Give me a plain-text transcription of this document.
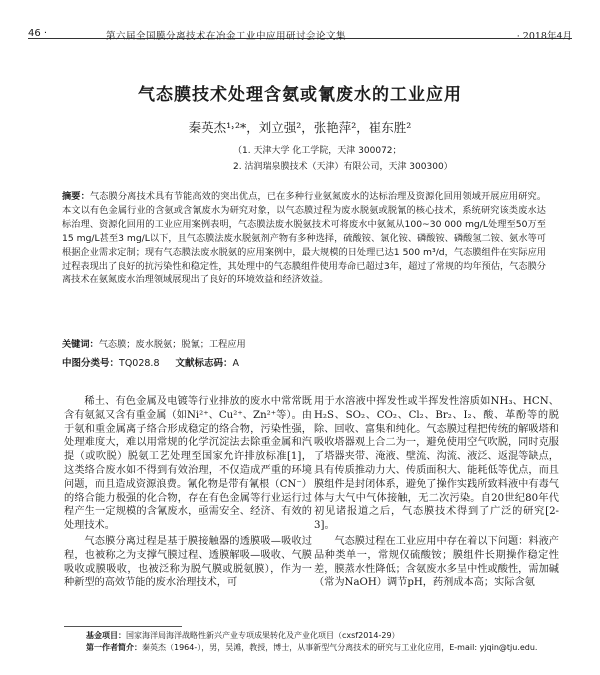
46 ·	第六届全国膜分离技术在冶金工业中应用研讨会论文集	· 2018年4月
气态膜技术处理含氨或氰废水的工业应用
秦英杰¹˒²*，刘立强²，张艳萍²，崔东胜²
（1. 天津大学 化工学院，天津 300072；
2. 沽润瑞泉膜技术（天津）有限公司，天津 300300）
摘要：气态膜分离技术具有节能高效的突出优点，已在多种行业氨氮废水的达标治理及资源化回用领域开展应用研究。本文以有色金属行业的含氨或含氰废水为研究对象，以气态膜过程为废水脱氨或脱氰的核心技术，系统研究该类废水达标治理、资源化回用的工业应用案例表明，气态膜法废水脱氨技术可将废水中氨氮从100~30 000 mg/L处理至50万至15 mg/L甚至3 mg/L以下，且气态膜法废水脱氨剂产物有多种选择，硫酸铵、氯化铵、磷酸铵、磷酸氢二铵、氨水等可根据企业需求定制；现有气态膜法废水脱氨的应用案例中，最大规模的日处理已达1 500 m³/d，气态膜组件在实际应用过程表现出了良好的抗污染性和稳定性，其处理中的气态膜组件使用寿命已超过3年，超过了常规的均年预估，气态膜分离技术在氨氮废水治理领域展现出了良好的环境效益和经济效益。
关键词：气态膜；废水脱氨；脱氰；工程应用
中图分类号：TQ028.8 文献标志码：A

稀土、有色金属及电镀等行业排放的废水中常常既含有氨氮又含有重金属（如Ni²⁺、Cu²⁺、Zn²⁺等）。由于氨和重金属离子络合形成稳定的络合物，污染性强，处理难度大，难以用常规的化学沉淀法去除重金属和汽提（或吹脱）脱氨工艺处理至国家允许排放标准[1]，这类络合废水如不得到有效治理，不仅造成严重的环境问题，而且造成资源浪费。氰化物是带有氰根（CN⁻）的络合能力极强的化合物，存在有色金属等行业运行过程产生一定规模的含氰废水，亟需安全、经济、有效的处理技术。

气态膜分离过程是基于膜接触器的透膜吸—吸收过程，也被称之为支撑气膜过程、透膜解吸—吸收、气膜吸收或膜吸收，也被泛称为脱气膜或脱氨膜），作为一种新型的高效节能的废水治理技术，可

用于水溶液中挥发性或半挥发性溶质如NH₃、HCN、H₂S、SO₂、CO₂、Cl₂、Br₂、I₂、酸、革酚等的脱除、回收、富集和纯化。气态膜过程把传统的解吸塔和吸收塔器观上合二为一，避免使用空气吹脱，同时克服了塔器夹带、淹液、壁流、沟流、液泛、返混等缺点，具有传质推动力大、传质面积大、能耗低等优点，而且膜组件是封闭体系，避免了操作实践所致料液中有毒气体与大气中气体接触，无二次污染。自20世纪80年代初见诸报道之后，气态膜技术得到了广泛的研究[2-3]。

气态膜过程在工业应用中存在着以下问题：料液产品种类单一，常规仅硫酸铵；膜组件长期操作稳定性差，膜蒸水性降低；含氨废水多呈中性或酸性，需加碱（常为NaOH）调节pH，药剂成本高；实际含氨

基金项目：国家海洋局海洋战略性新兴产业专项成果转化及产业化项目（cxsf2014-29）
第一作者简介：秦英杰（1964-），男，吴滩，教授，博士，从事新型气分离技术的研究与工业化应用，E-mail: yjqin@tju.edu.
